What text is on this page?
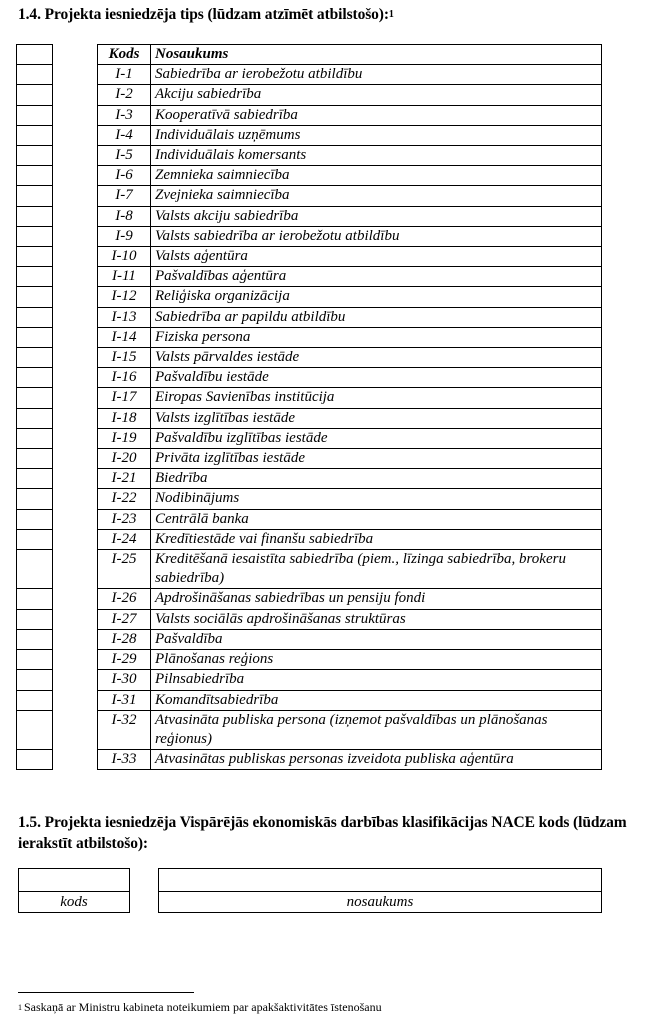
1.4. Projekta iesniedzēja tips (lūdzam atzīmēt atbilstošo):$^1$

Kods	Nosaukums
I-1	Sabiedrība ar ierobežotu atbildību
I-2	Akciju sabiedrība
I-3	Kooperatīvā sabiedrība
I-4	Individuālais uzņēmums
I-5	Individuālais komersants
I-6	Zemnieka saimniecība
I-7	Zvejnieka saimniecība
I-8	Valsts akciju sabiedrība
I-9	Valsts sabiedrība ar ierobežotu atbildību
I-10	Valsts aģentūra
I-11	Pašvaldības aģentūra
I-12	Reliģiska organizācija
I-13	Sabiedrība ar papildu atbildību
I-14	Fiziska persona
I-15	Valsts pārvaldes iestāde
I-16	Pašvaldību iestāde
I-17	Eiropas Savienības institūcija
I-18	Valsts izglītības iestāde
I-19	Pašvaldību izglītības iestāde
I-20	Privāta izglītības iestāde
I-21	Biedrība
I-22	Nodibinājums
I-23	Centrālā banka
I-24	Kredītiestāde vai finanšu sabiedrība
I-25	Kreditēšanā iesaistīta sabiedrība (piem., līzinga sabiedrība, brokeru sabiedrība)
I-26	Apdrošināšanas sabiedrības un pensiju fondi
I-27	Valsts sociālās apdrošināšanas struktūras
I-28	Pašvaldība
I-29	Plānošanas reģions
I-30	Pilnsabiedrība
I-31	Komandītsabiedrība
I-32	Atvasināta publiska persona (izņemot pašvaldības un plānošanas reģionus)
I-33	Atvasinātas publiskas personas izveidota publiska aģentūra
1.5. Projekta iesniedzēja Vispārējās ekonomiskās darbības klasifikācijas NACE kods (lūdzam ierakstīt atbilstošo):

kods	nosaukums
$^1$ Saskaņā ar Ministru kabineta noteikumiem par apakšaktivitātes īstenošanu
